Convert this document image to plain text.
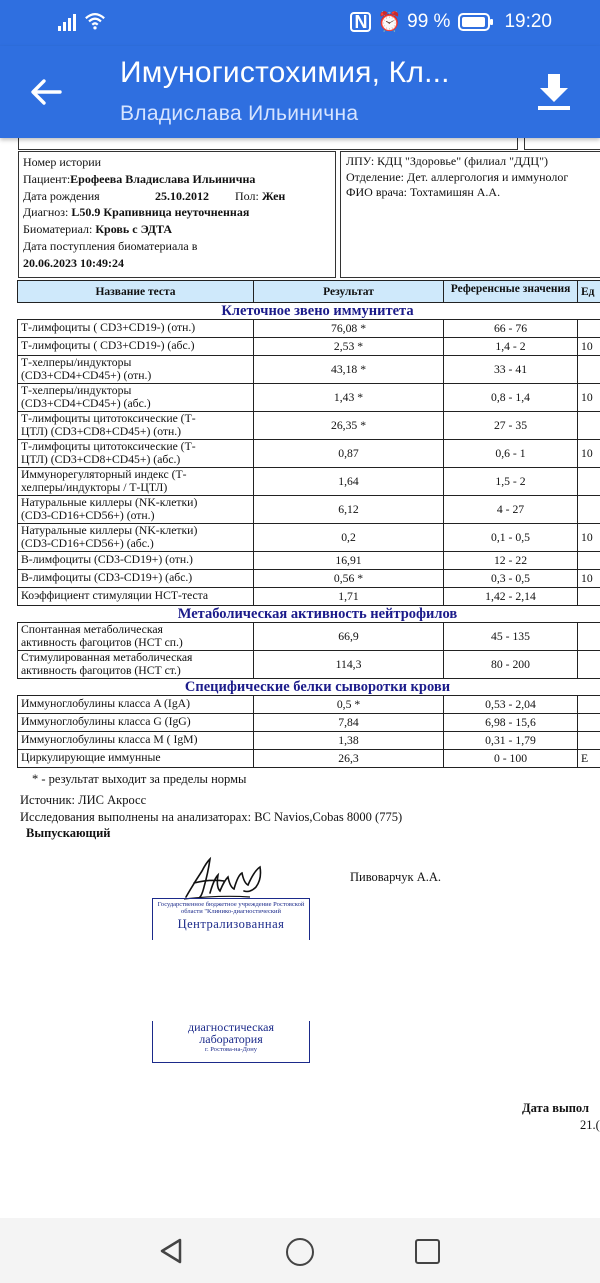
N ⏰ 99 %	19:20
Имуногистохимия, Кл...
Владислава Ильинична
Номер истории
Пациент:Ерофеева Владислава Ильинична
Дата рождения	25.10.2012 Пол: Жен
Диагноз: L50.9 Крапивница неуточненная
Биоматериал: Кровь с ЭДТА
Дата поступления биоматериала в
20.06.2023 10:49:24
ЛПУ: КДЦ "Здоровье" (филиал "ДДЦ")
Отделение: Дет. аллергология и иммунолог
ФИО врача: Тохтамишян А.А.
Название теста	Результат	Референсные значения	Ед
Клеточное звено иммунитета			
Т-лимфоциты ( CD3+CD19-) (отн.)	76,08 *	66 - 76	
Т-лимфоциты ( CD3+CD19-) (абс.)	2,53 *	1,4 - 2	10
Т-хелперы/индукторы
(CD3+CD4+CD45+) (отн.)	43,18 *	33 - 41	
Т-хелперы/индукторы
(CD3+CD4+CD45+) (абс.)	1,43 *	0,8 - 1,4	10
Т-лимфоциты цитотоксические (Т-
ЦТЛ) (CD3+CD8+CD45+) (отн.)	26,35 *	27 - 35	
Т-лимфоциты цитотоксические (Т-
ЦТЛ) (CD3+CD8+CD45+) (абс.)	0,87	0,6 - 1	10
Иммунорегуляторный индекс (Т-
хелперы/индукторы / Т-ЦТЛ)	1,64	1,5 - 2	
Натуральные киллеры (NK-клетки)
(CD3-CD16+CD56+) (отн.)	6,12	4 - 27	
Натуральные киллеры (NK-клетки)
(CD3-CD16+CD56+) (абс.)	0,2	0,1 - 0,5	10
В-лимфоциты (CD3-CD19+) (отн.)	16,91	12 - 22	
В-лимфоциты (CD3-CD19+) (абс.)	0,56 *	0,3 - 0,5	10
Коэффициент стимуляции НСТ-теста	1,71	1,42 - 2,14	
Метаболическая активность нейтрофилов			
Спонтанная метаболическая
активность фагоцитов (НСТ сп.)	66,9	45 - 135	
Стимулированная метаболическая
активность фагоцитов (НСТ ст.)	114,3	80 - 200	
Специфические белки сыворотки крови			
Иммуноглобулины класса A (IgA)	0,5 *	0,53 - 2,04	
Иммуноглобулины класса G (IgG)	7,84	6,98 - 15,6	
Иммуноглобулины класса M ( IgM)	1,38	0,31 - 1,79	
Циркулирующие иммунные	26,3	0 - 100	E
* - результат выходит за пределы нормы
Источник: ЛИС Акросс
Исследования выполнены на анализаторах: BC Navios,Cobas 8000 (775)
Выпускающий
Пивоварчук А.А.
Государственное бюджетное учреждение Ростовской области "Клинико-диагностический
Централизованная
диагностическая лаборатория
г. Ростова-на-Дону
Дата выпол
21.(
